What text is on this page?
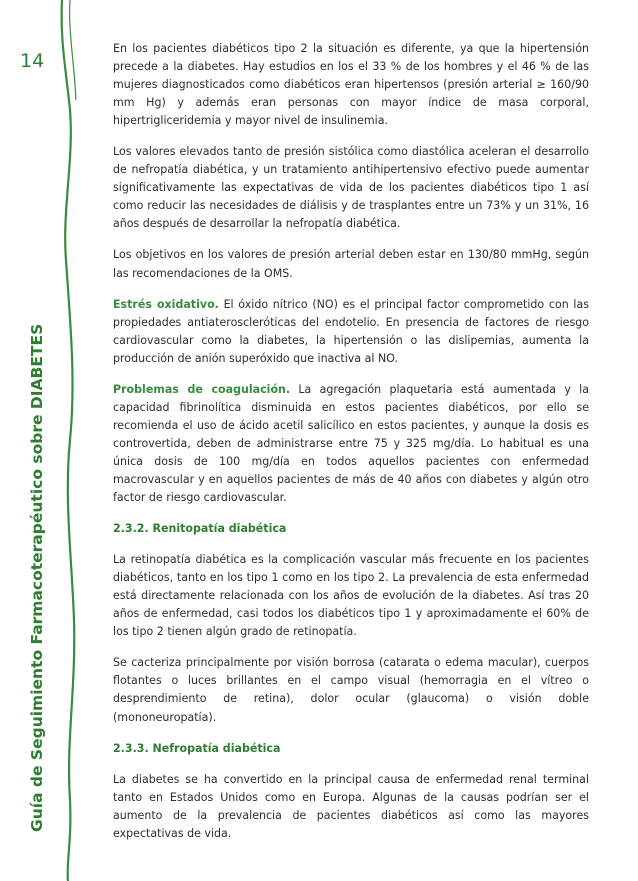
14
Guía de Seguimiento Farmacoterapéutico sobre DIABETES

En los pacientes diabéticos tipo 2 la situación es diferente, ya que la hipertensión precede a la diabetes. Hay estudios en los el 33 % de los hombres y el 46 % de las mujeres diagnosticados como diabéticos eran hipertensos (presión arterial ≥ 160/90 mm Hg) y además eran personas con mayor índice de masa corporal, hipertrigliceridemia y mayor nivel de insulinemia.

Los valores elevados tanto de presión sistólica como diastólica aceleran el desarrollo de nefropatía diabética, y un tratamiento antihipertensivo efectivo puede aumentar significativamente las expectativas de vida de los pacientes diabéticos tipo 1 así como reducir las necesidades de diálisis y de trasplantes entre un 73% y un 31%, 16 años después de desarrollar la nefropatía diabética.

Los objetivos en los valores de presión arterial deben estar en 130/80 mmHg, según las recomendaciones de la OMS.

Estrés oxidativo. El óxido nítrico (NO) es el principal factor comprometido con las propiedades antiateroscleróticas del endotelio. En presencia de factores de riesgo cardiovascular como la diabetes, la hipertensión o las dislipemias, aumenta la producción de anión superóxido que inactiva al NO.

Problemas de coagulación. La agregación plaquetaria está aumentada y la capacidad fibrinolítica disminuida en estos pacientes diabéticos, por ello se recomienda el uso de ácido acetil salicílico en estos pacientes, y aunque la dosis es controvertida, deben de administrarse entre 75 y 325 mg/día. Lo habitual es una única dosis de 100 mg/día en todos aquellos pacientes con enfermedad macrovascular y en aquellos pacientes de más de 40 años con diabetes y algún otro factor de riesgo cardiovascular.

2.3.2. Renitopatía diabética

La retinopatía diabética es la complicación vascular más frecuente en los pacientes diabéticos, tanto en los tipo 1 como en los tipo 2. La prevalencia de esta enfermedad está directamente relacionada con los años de evolución de la diabetes. Así tras 20 años de enfermedad, casi todos los diabéticos tipo 1 y aproximadamente el 60% de los tipo 2 tienen algún grado de retinopatía.

Se cacteriza principalmente por visión borrosa (catarata o edema macular), cuerpos flotantes o luces brillantes en el campo visual (hemorragia en el vítreo o desprendimiento de retina), dolor ocular (glaucoma) o visión doble (mononeuropatía).

2.3.3. Nefropatía diabética

La diabetes se ha convertido en la principal causa de enfermedad renal terminal tanto en Estados Unidos como en Europa. Algunas de la causas podrían ser el aumento de la prevalencia de pacientes diabéticos así como las mayores expectativas de vida.
